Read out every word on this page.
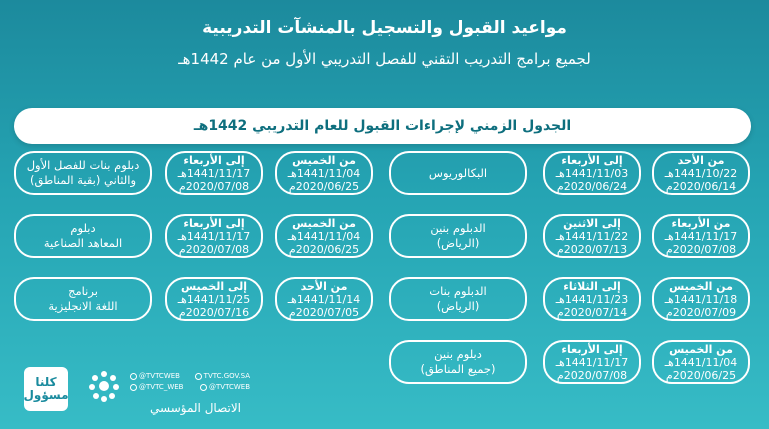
مواعيد القبول والتسجيل بالمنشآت التدريبية
لجميع برامج التدريب التقني للفصل التدريبي الأول من عام 1442هـ
الجدول الزمني لإجراءات القبول للعام التدريبي 1442هـ
من الأحد
1441/10/22هـ
2020/06/14م
إلى الأربعاء
1441/11/03هـ
2020/06/24م
البكالوريوس
من الأربعاء
1441/11/17هـ
2020/07/08م
إلى الاثنين
1441/11/22هـ
2020/07/13م
الدبلوم بنين
(الرياض)
من الخميس
1441/11/18هـ
2020/07/09م
إلى الثلاثاء
1441/11/23هـ
2020/07/14م
الدبلوم بنات
(الرياض)
من الخميس
1441/11/04هـ
2020/06/25م
إلى الأربعاء
1441/11/17هـ
2020/07/08م
دبلوم بنين
(جميع المناطق)
من الخميس
1441/11/04هـ
2020/06/25م
إلى الأربعاء
1441/11/17هـ
2020/07/08م
دبلوم بنات للفصل الأول
والثاني (بقية المناطق)
من الخميس
1441/11/04هـ
2020/06/25م
إلى الأربعاء
1441/11/17هـ
2020/07/08م
دبلوم
المعاهد الصناعية
من الأحد
1441/11/14هـ
2020/07/05م
إلى الخميس
1441/11/25هـ
2020/07/16م
برنامج
اللغة الانجليزية
كلنا
مسؤول
@TVTCWEB	TVTC.GOV.SA
@TVTC_WEB	@TVTCWEB
الاتصال المؤسسي
